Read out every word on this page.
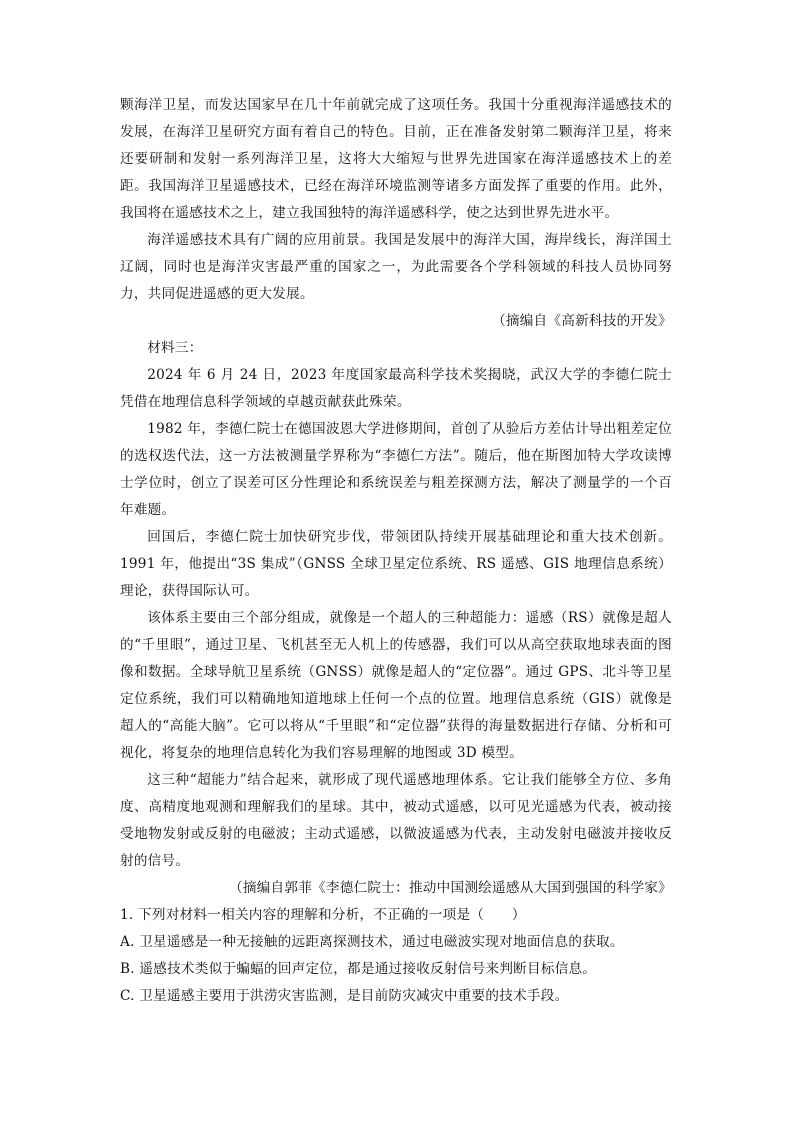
颗海洋卫星，而发达国家早在几十年前就完成了这项任务。我国十分重视海洋遥感技术的发展，在海洋卫星研究方面有着自己的特色。目前，正在准备发射第二颗海洋卫星，将来还要研制和发射一系列海洋卫星，这将大大缩短与世界先进国家在海洋遥感技术上的差距。我国海洋卫星遥感技术，已经在海洋环境监测等诸多方面发挥了重要的作用。此外，我国将在遥感技术之上，建立我国独特的海洋遥感科学，使之达到世界先进水平。

海洋遥感技术具有广阔的应用前景。我国是发展中的海洋大国，海岸线长，海洋国土辽阔，同时也是海洋灾害最严重的国家之一，为此需要各个学科领域的科技人员协同努力，共同促进遥感的更大发展。

（摘编自《高新科技的开发》

材料三：

2024 年 6 月 24 日，2023 年度国家最高科学技术奖揭晓，武汉大学的李德仁院士凭借在地理信息科学领域的卓越贡献获此殊荣。

1982 年，李德仁院士在德国波恩大学进修期间，首创了从验后方差估计导出粗差定位的选权迭代法，这一方法被测量学界称为“李德仁方法”。随后，他在斯图加特大学攻读博士学位时，创立了误差可区分性理论和系统误差与粗差探测方法，解决了测量学的一个百年难题。

回国后，李德仁院士加快研究步伐，带领团队持续开展基础理论和重大技术创新。1991 年，他提出“3S 集成”（GNSS 全球卫星定位系统、RS 遥感、GIS 地理信息系统）理论，获得国际认可。

该体系主要由三个部分组成，就像是一个超人的三种超能力：遥感（RS）就像是超人的“千里眼”，通过卫星、飞机甚至无人机上的传感器，我们可以从高空获取地球表面的图像和数据。全球导航卫星系统（GNSS）就像是超人的“定位器”。通过 GPS、北斗等卫星定位系统，我们可以精确地知道地球上任何一个点的位置。地理信息系统（GIS）就像是超人的“高能大脑”。它可以将从“千里眼”和“定位器”获得的海量数据进行存储、分析和可视化，将复杂的地理信息转化为我们容易理解的地图或 3D 模型。

这三种“超能力”结合起来，就形成了现代遥感地理体系。它让我们能够全方位、多角度、高精度地观测和理解我们的星球。其中，被动式遥感，以可见光遥感为代表，被动接受地物发射或反射的电磁波；主动式遥感，以微波遥感为代表，主动发射电磁波并接收反射的信号。

（摘编自郭菲《李德仁院士：推动中国测绘遥感从大国到强国的科学家》

1. 下列对材料一相关内容的理解和分析，不正确的一项是（　　）

A. 卫星遥感是一种无接触的远距离探测技术，通过电磁波实现对地面信息的获取。

B. 遥感技术类似于蝙蝠的回声定位，都是通过接收反射信号来判断目标信息。

C. 卫星遥感主要用于洪涝灾害监测，是目前防灾减灾中重要的技术手段。
